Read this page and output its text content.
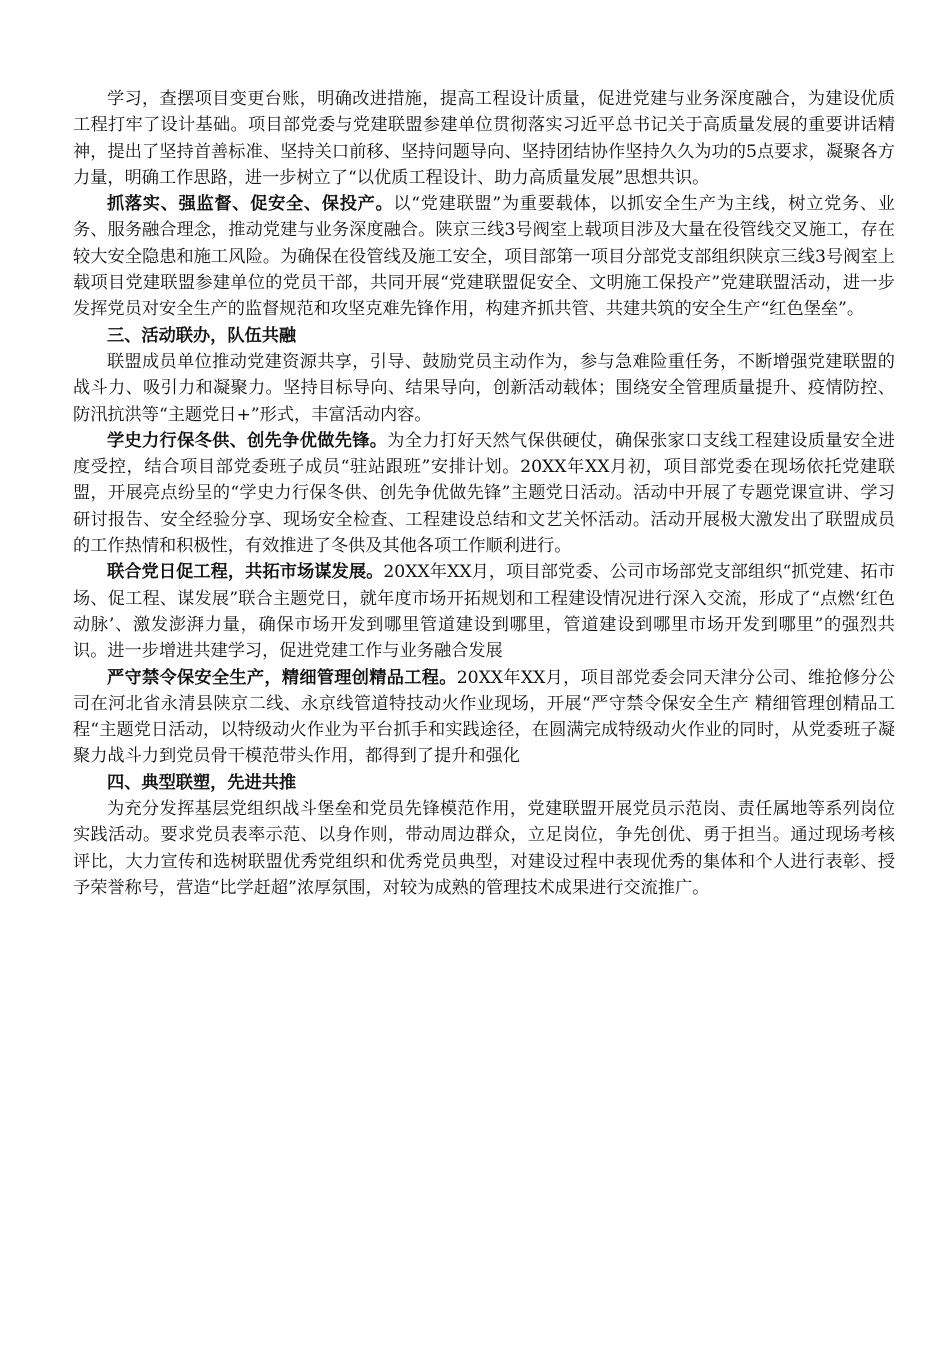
学习，查摆项目变更台账，明确改进措施，提高工程设计质量，促进党建与业务深度融合，为建设优质工程打牢了设计基础。项目部党委与党建联盟参建单位贯彻落实习近平总书记关于高质量发展的重要讲话精神，提出了坚持首善标准、坚持关口前移、坚持问题导向、坚持团结协作坚持久久为功的5点要求，凝聚各方力量，明确工作思路，进一步树立了“以优质工程设计、助力高质量发展”思想共识。

抓落实、强监督、促安全、保投产。以“党建联盟”为重要载体，以抓安全生产为主线，树立党务、业务、服务融合理念，推动党建与业务深度融合。陕京三线3号阀室上载项目涉及大量在役管线交叉施工，存在较大安全隐患和施工风险。为确保在役管线及施工安全，项目部第一项目分部党支部组织陕京三线3号阀室上载项目党建联盟参建单位的党员干部，共同开展“党建联盟促安全、文明施工保投产”党建联盟活动，进一步发挥党员对安全生产的监督规范和攻坚克难先锋作用，构建齐抓共管、共建共筑的安全生产“红色堡垒”。

三、活动联办，队伍共融

联盟成员单位推动党建资源共享，引导、鼓励党员主动作为，参与急难险重任务，不断增强党建联盟的战斗力、吸引力和凝聚力。坚持目标导向、结果导向，创新活动载体；围绕安全管理质量提升、疫情防控、防汛抗洪等“主题党日+”形式，丰富活动内容。

学史力行保冬供、创先争优做先锋。为全力打好天然气保供硬仗，确保张家口支线工程建设质量安全进度受控，结合项目部党委班子成员“驻站跟班”安排计划。20XX年XX月初，项目部党委在现场依托党建联盟，开展亮点纷呈的“学史力行保冬供、创先争优做先锋”主题党日活动。活动中开展了专题党课宣讲、学习研讨报告、安全经验分享、现场安全检查、工程建设总结和文艺关怀活动。活动开展极大激发出了联盟成员的工作热情和积极性，有效推进了冬供及其他各项工作顺利进行。

联合党日促工程，共拓市场谋发展。20XX年XX月，项目部党委、公司市场部党支部组织“抓党建、拓市场、促工程、谋发展”联合主题党日，就年度市场开拓规划和工程建设情况进行深入交流，形成了“点燃‘红色动脉’、激发澎湃力量，确保市场开发到哪里管道建设到哪里，管道建设到哪里市场开发到哪里”的强烈共识。进一步增进共建学习，促进党建工作与业务融合发展

严守禁令保安全生产，精细管理创精品工程。20XX年XX月，项目部党委会同天津分公司、维抢修分公司在河北省永清县陕京二线、永京线管道特技动火作业现场，开展“严守禁令保安全生产 精细管理创精品工程“主题党日活动，以特级动火作业为平台抓手和实践途径，在圆满完成特级动火作业的同时，从党委班子凝聚力战斗力到党员骨干模范带头作用，都得到了提升和强化

四、典型联塑，先进共推

为充分发挥基层党组织战斗堡垒和党员先锋模范作用，党建联盟开展党员示范岗、责任属地等系列岗位实践活动。要求党员表率示范、以身作则，带动周边群众，立足岗位，争先创优、勇于担当。通过现场考核评比，大力宣传和选树联盟优秀党组织和优秀党员典型，对建设过程中表现优秀的集体和个人进行表彰、授予荣誉称号，营造“比学赶超”浓厚氛围，对较为成熟的管理技术成果进行交流推广。
